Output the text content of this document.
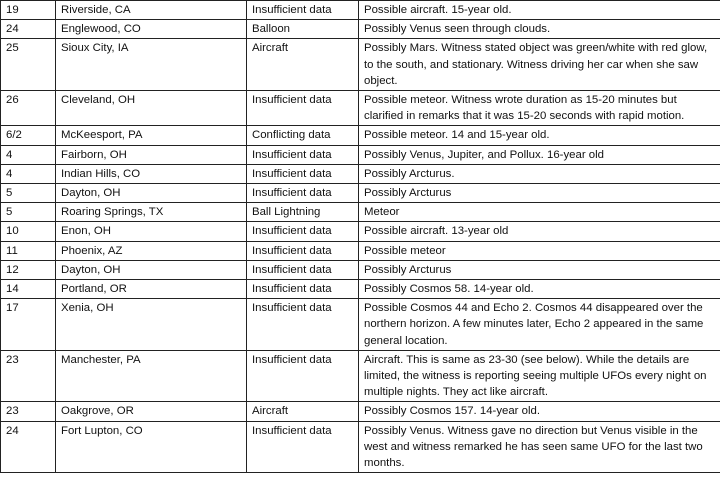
19	Riverside, CA	Insufficient data	Possible aircraft. 15-year old.
24	Englewood, CO	Balloon	Possibly Venus seen through clouds.
25	Sioux City, IA	Aircraft	Possibly Mars. Witness stated object was green/white with red glow, to the south, and stationary. Witness driving her car when she saw object.
26	Cleveland, OH	Insufficient data	Possible meteor. Witness wrote duration as 15-20 minutes but clarified in remarks that it was 15-20 seconds with rapid motion.
6/2	McKeesport, PA	Conflicting data	Possible meteor. 14 and 15-year old.
4	Fairborn, OH	Insufficient data	Possibly Venus, Jupiter, and Pollux. 16-year old
4	Indian Hills, CO	Insufficient data	Possibly Arcturus.
5	Dayton, OH	Insufficient data	Possibly Arcturus
5	Roaring Springs, TX	Ball Lightning	Meteor
10	Enon, OH	Insufficient data	Possible aircraft. 13-year old
11	Phoenix, AZ	Insufficient data	Possible meteor
12	Dayton, OH	Insufficient data	Possibly Arcturus
14	Portland, OR	Insufficient data	Possibly Cosmos 58. 14-year old.
17	Xenia, OH	Insufficient data	Possible Cosmos 44 and Echo 2. Cosmos 44 disappeared over the northern horizon. A few minutes later, Echo 2 appeared in the same general location.
23	Manchester, PA	Insufficient data	Aircraft. This is same as 23-30 (see below). While the details are limited, the witness is reporting seeing multiple UFOs every night on multiple nights. They act like aircraft.
23	Oakgrove, OR	Aircraft	Possibly Cosmos 157. 14-year old.
24	Fort Lupton, CO	Insufficient data	Possibly Venus. Witness gave no direction but Venus visible in the west and witness remarked he has seen same UFO for the last two months.
